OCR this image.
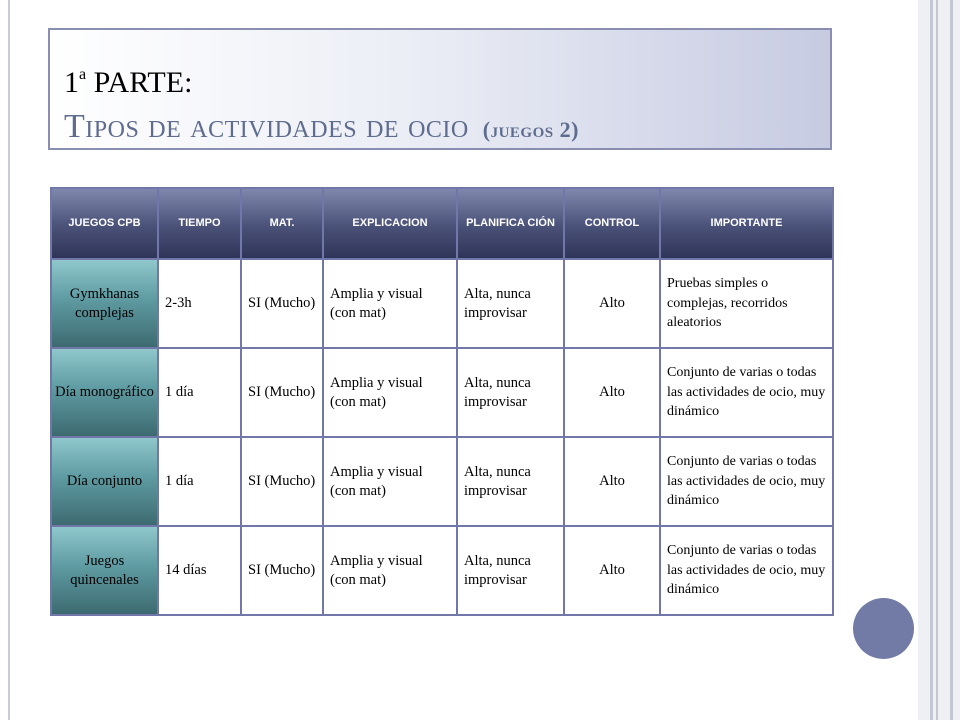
1$^a$ PARTE:
Tipos de actividades de ocio (juegos 2)
JUEGOS CPB	TIEMPO	MAT.	EXPLICACION	PLANIFICA CIÓN	CONTROL	IMPORTANTE
Gymkhanas complejas	2-3h	SI (Mucho)	Amplia y visual (con mat)	Alta, nunca improvisar	Alto	Pruebas simples o complejas, recorridos aleatorios
Día monográfico	1 día	SI (Mucho)	Amplia y visual (con mat)	Alta, nunca improvisar	Alto	Conjunto de varias o todas las actividades de ocio, muy dinámico
Día conjunto	1 día	SI (Mucho)	Amplia y visual (con mat)	Alta, nunca improvisar	Alto	Conjunto de varias o todas las actividades de ocio, muy dinámico
Juegos quincenales	14 días	SI (Mucho)	Amplia y visual (con mat)	Alta, nunca improvisar	Alto	Conjunto de varias o todas las actividades de ocio, muy dinámico
